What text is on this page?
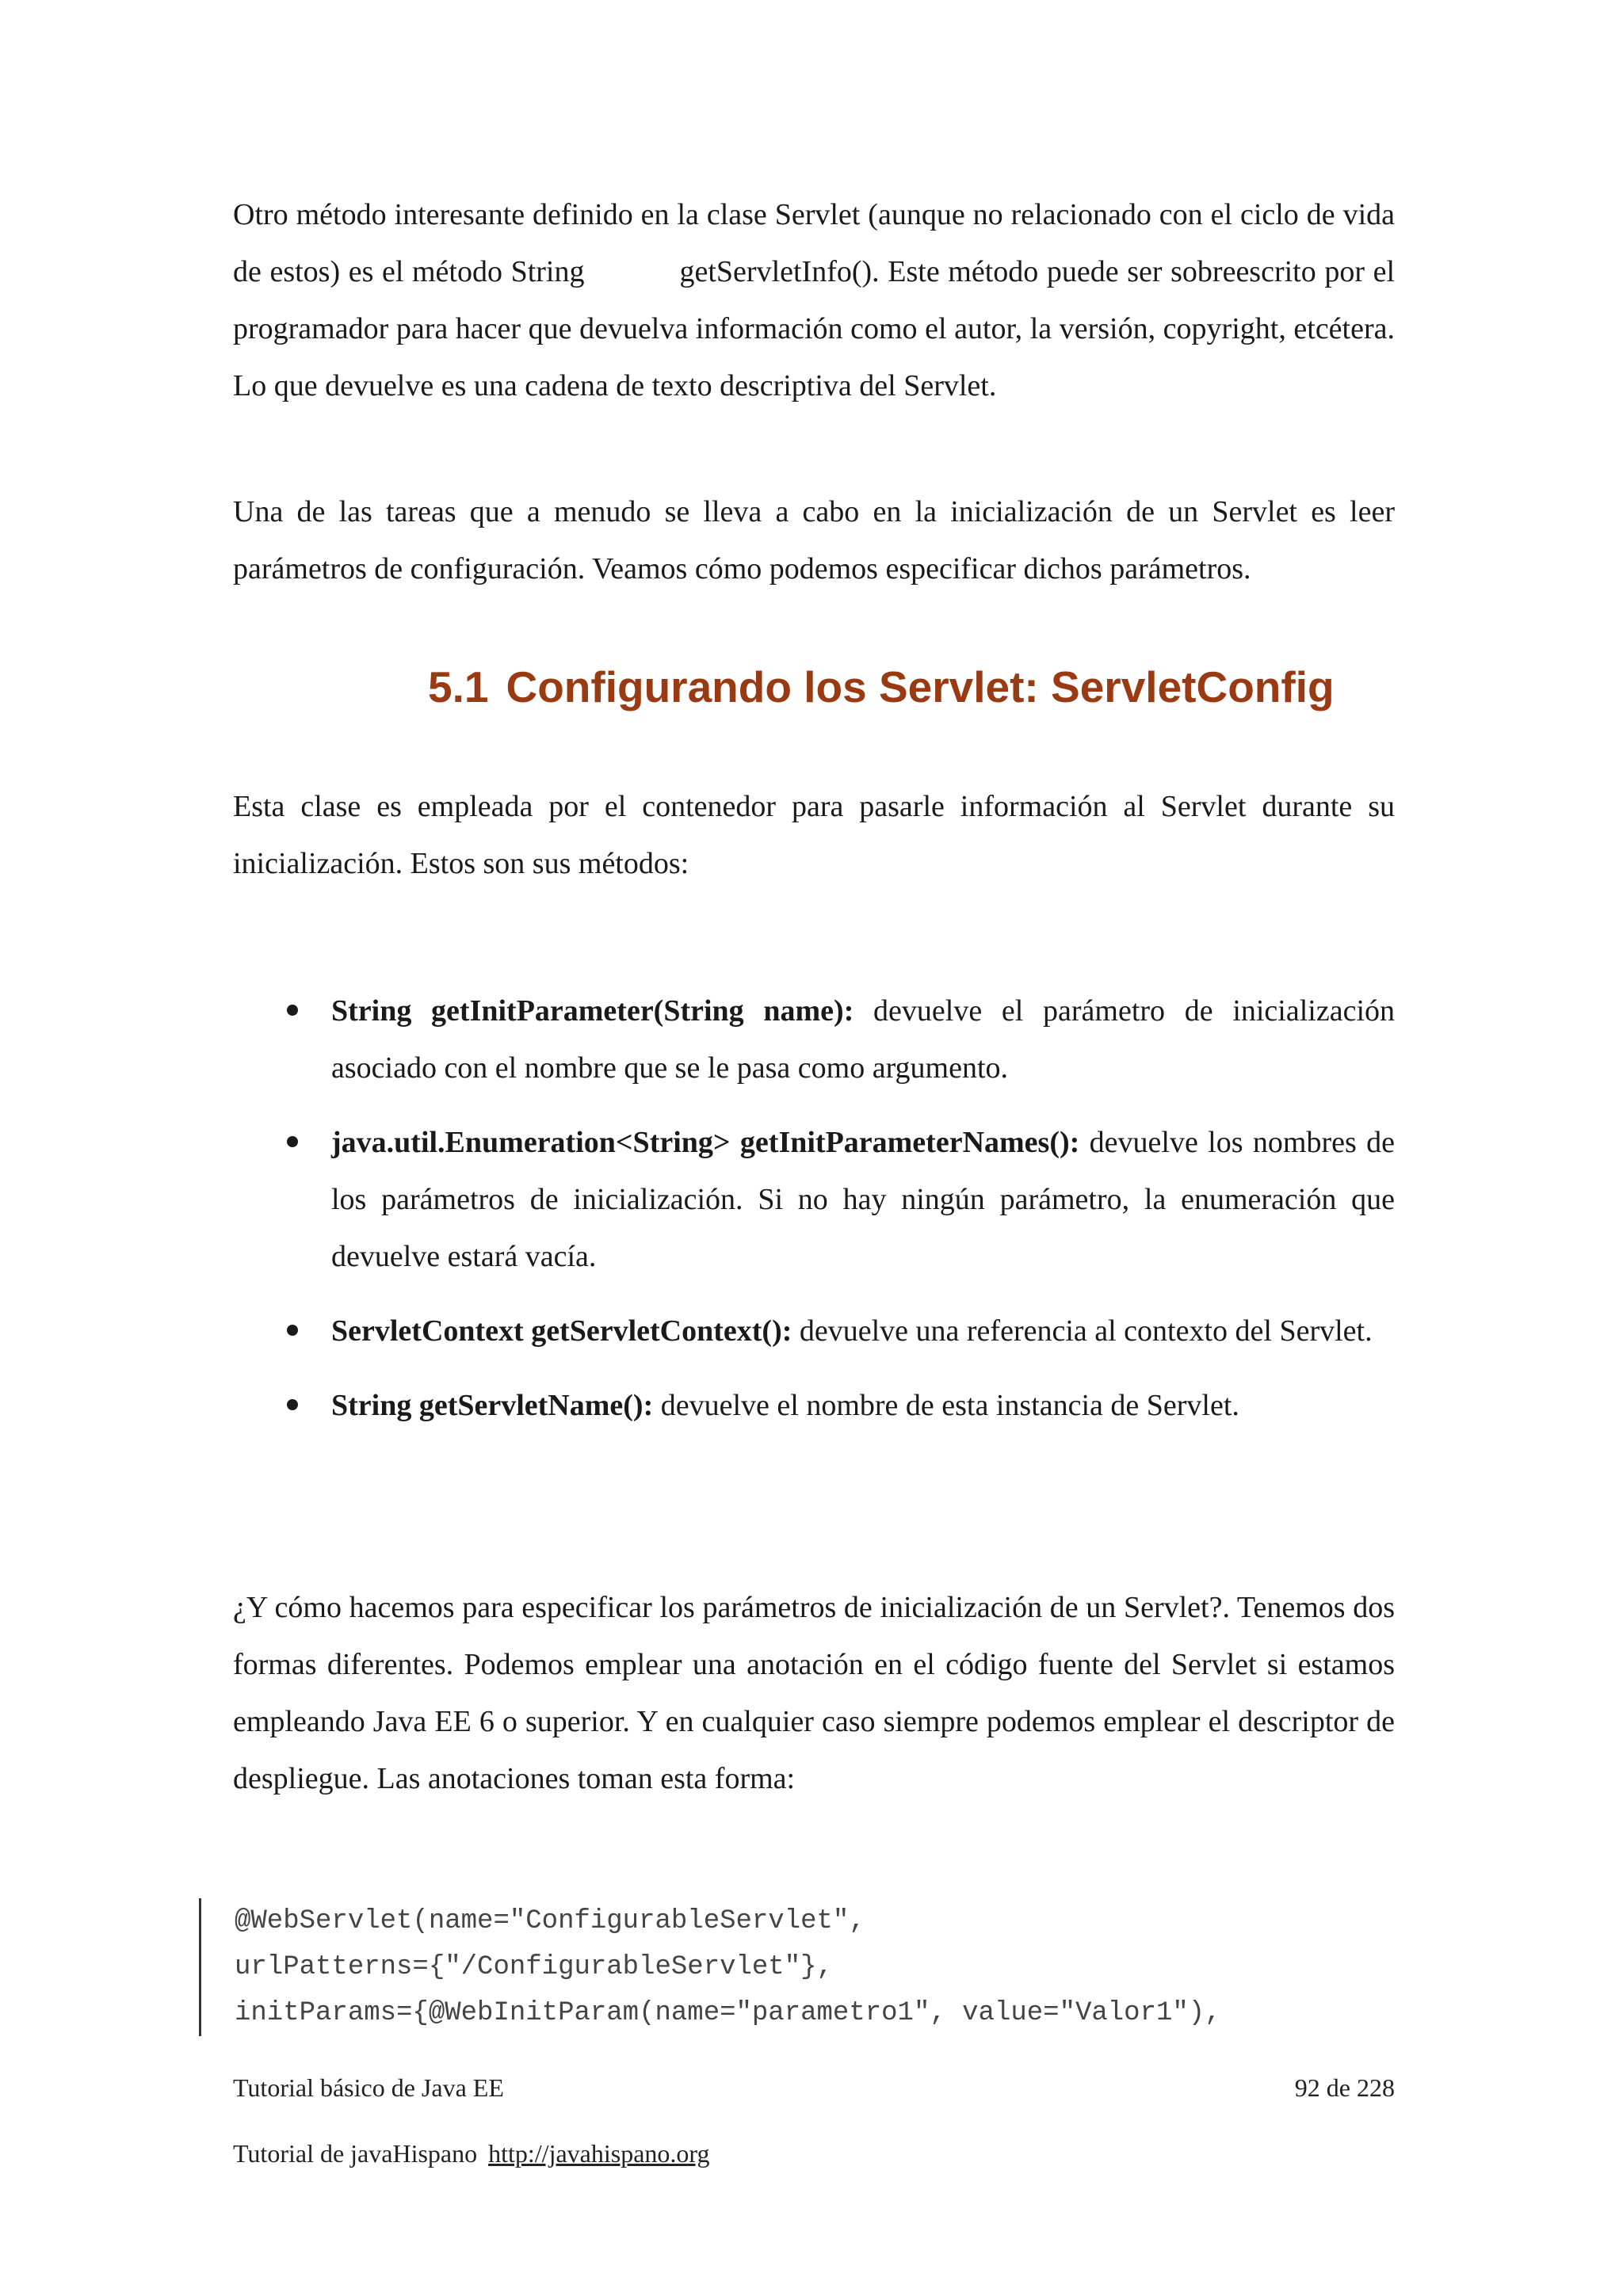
Otro método interesante definido en la clase Servlet (aunque no relacionado con el ciclo de vida de estos) es el método String	getServletInfo(). Este método puede ser sobreescrito por el programador para hacer que devuelva información como el autor, la versión, copyright, etcétera. Lo que devuelve es una cadena de texto descriptiva del Servlet.

Una de las tareas que a menudo se lleva a cabo en la inicialización de un Servlet es leer parámetros de configuración. Veamos cómo podemos especificar dichos parámetros.

5.1 Configurando los Servlet: ServletConfig

Esta clase es empleada por el contenedor para pasarle información al Servlet durante su inicialización. Estos son sus métodos:

String getInitParameter(String name): devuelve el parámetro de inicialización asociado con el nombre que se le pasa como argumento.
java.util.Enumeration<String> getInitParameterNames(): devuelve los nombres de los parámetros de inicialización. Si no hay ningún parámetro, la enumeración que devuelve estará vacía.
ServletContext getServletContext(): devuelve una referencia al contexto del Servlet.
String getServletName(): devuelve el nombre de esta instancia de Servlet.

¿Y cómo hacemos para especificar los parámetros de inicialización de un Servlet?. Tenemos dos formas diferentes. Podemos emplear una anotación en el código fuente del Servlet si estamos empleando Java EE 6 o superior. Y en cualquier caso siempre podemos emplear el descriptor de despliegue. Las anotaciones toman esta forma:

@WebServlet(name="ConfigurableServlet",
urlPatterns={"/ConfigurableServlet"},
initParams={@WebInitParam(name="parametro1", value="Valor1"),
Tutorial básico de Java EE	92 de 228
Tutorial de javaHispano http://javahispano.org
